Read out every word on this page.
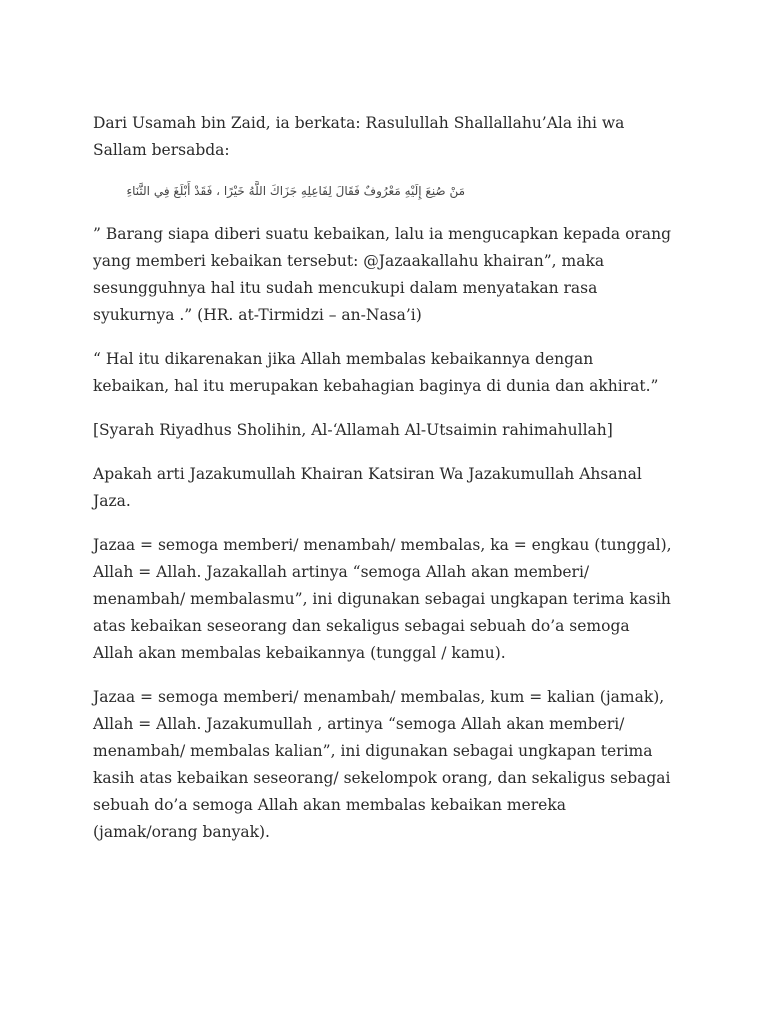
Dari Usamah bin Zaid, ia berkata: Rasulullah Shallallahu’Ala ihi wa Sallam bersabda:

مَنْ صُنِعَ إِلَيْهِ مَعْرُوفٌ فَقَالَ لِفَاعِلِهِ جَزَاكَ اللَّهُ خَيْرًا ، فَقَدْ أَبْلَغَ فِي الثَّنَاءِ

” Barang siapa diberi suatu kebaikan, lalu ia mengucapkan kepada orang yang memberi kebaikan tersebut: @Jazaakallahu khairan”, maka sesungguhnya hal itu sudah mencukupi dalam menyatakan rasa syukurnya .” (HR. at-Tirmidzi – an-Nasa’i)

“ Hal itu dikarenakan jika Allah membalas kebaikannya dengan kebaikan, hal itu merupakan kebahagian baginya di dunia dan akhirat.”

[Syarah Riyadhus Sholihin, Al-‘Allamah Al-Utsaimin rahimahullah]

Apakah arti Jazakumullah Khairan Katsiran Wa Jazakumullah Ahsanal Jaza.

Jazaa = semoga memberi/ menambah/ membalas, ka = engkau (tunggal), Allah = Allah. Jazakallah artinya “semoga Allah akan memberi/ menambah/ membalasmu”, ini digunakan sebagai ungkapan terima kasih atas kebaikan seseorang dan sekaligus sebagai sebuah do’a semoga Allah akan membalas kebaikannya (tunggal / kamu).

Jazaa = semoga memberi/ menambah/ membalas, kum = kalian (jamak), Allah = Allah. Jazakumullah , artinya “semoga Allah akan memberi/ menambah/ membalas kalian”, ini digunakan sebagai ungkapan terima kasih atas kebaikan seseorang/ sekelompok orang, dan sekaligus sebagai sebuah do’a semoga Allah akan membalas kebaikan mereka (jamak/orang banyak).
